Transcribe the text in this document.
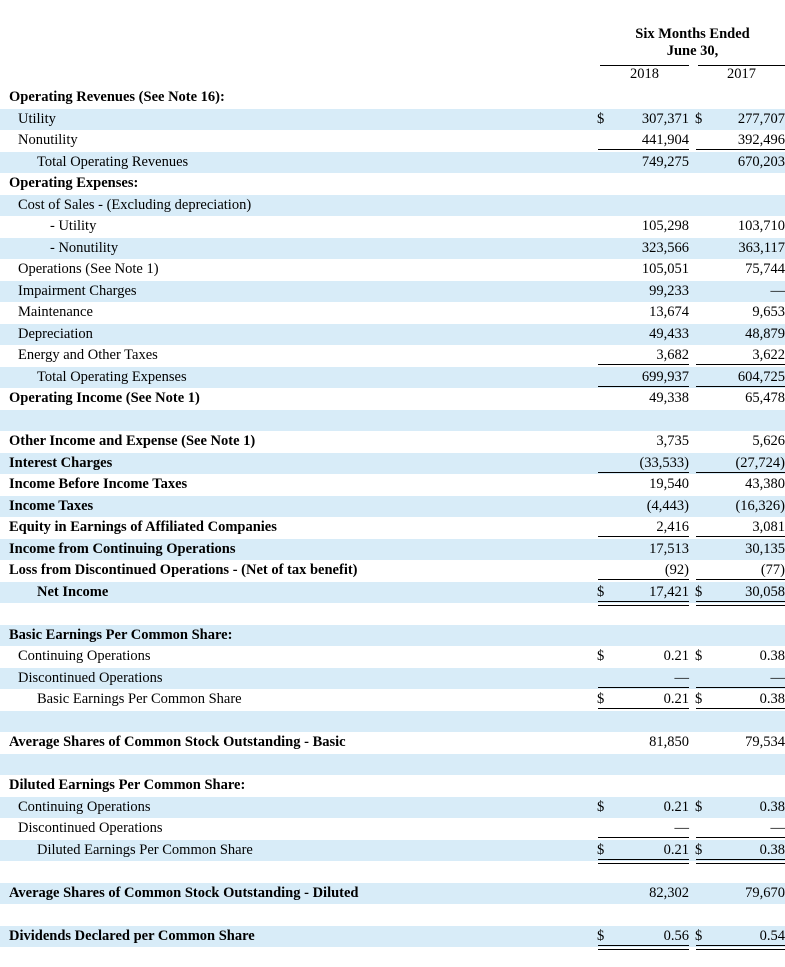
Six Months Ended
June 30,
2018	2017
Operating Revenues (See Note 16):
Utility	$	307,371 $	277,707
Nonutility	441,904	392,496
Total Operating Revenues	749,275	670,203
Operating Expenses:
Cost of Sales - (Excluding depreciation)
- Utility	105,298	103,710
- Nonutility	323,566	363,117
Operations (See Note 1)	105,051	75,744
Impairment Charges	99,233	—
Maintenance	13,674	9,653
Depreciation	49,433	48,879
Energy and Other Taxes	3,682	3,622
Total Operating Expenses	699,937	604,725
Operating Income (See Note 1)	49,338	65,478
Other Income and Expense (See Note 1)	3,735	5,626
Interest Charges	(33,533)	(27,724)
Income Before Income Taxes	19,540	43,380
Income Taxes	(4,443)	(16,326)
Equity in Earnings of Affiliated Companies	2,416	3,081
Income from Continuing Operations	17,513	30,135
Loss from Discontinued Operations - (Net of tax benefit)	(92)	(77)
Net Income	$	17,421 $	30,058
Basic Earnings Per Common Share:
Continuing Operations	$	0.21 $	0.38
Discontinued Operations	—	—
Basic Earnings Per Common Share	$	0.21 $	0.38
Average Shares of Common Stock Outstanding - Basic	81,850	79,534
Diluted Earnings Per Common Share:
Continuing Operations	$	0.21 $	0.38
Discontinued Operations	—	—
Diluted Earnings Per Common Share	$	0.21 $	0.38
Average Shares of Common Stock Outstanding - Diluted	82,302	79,670
Dividends Declared per Common Share	$	0.56 $	0.54
